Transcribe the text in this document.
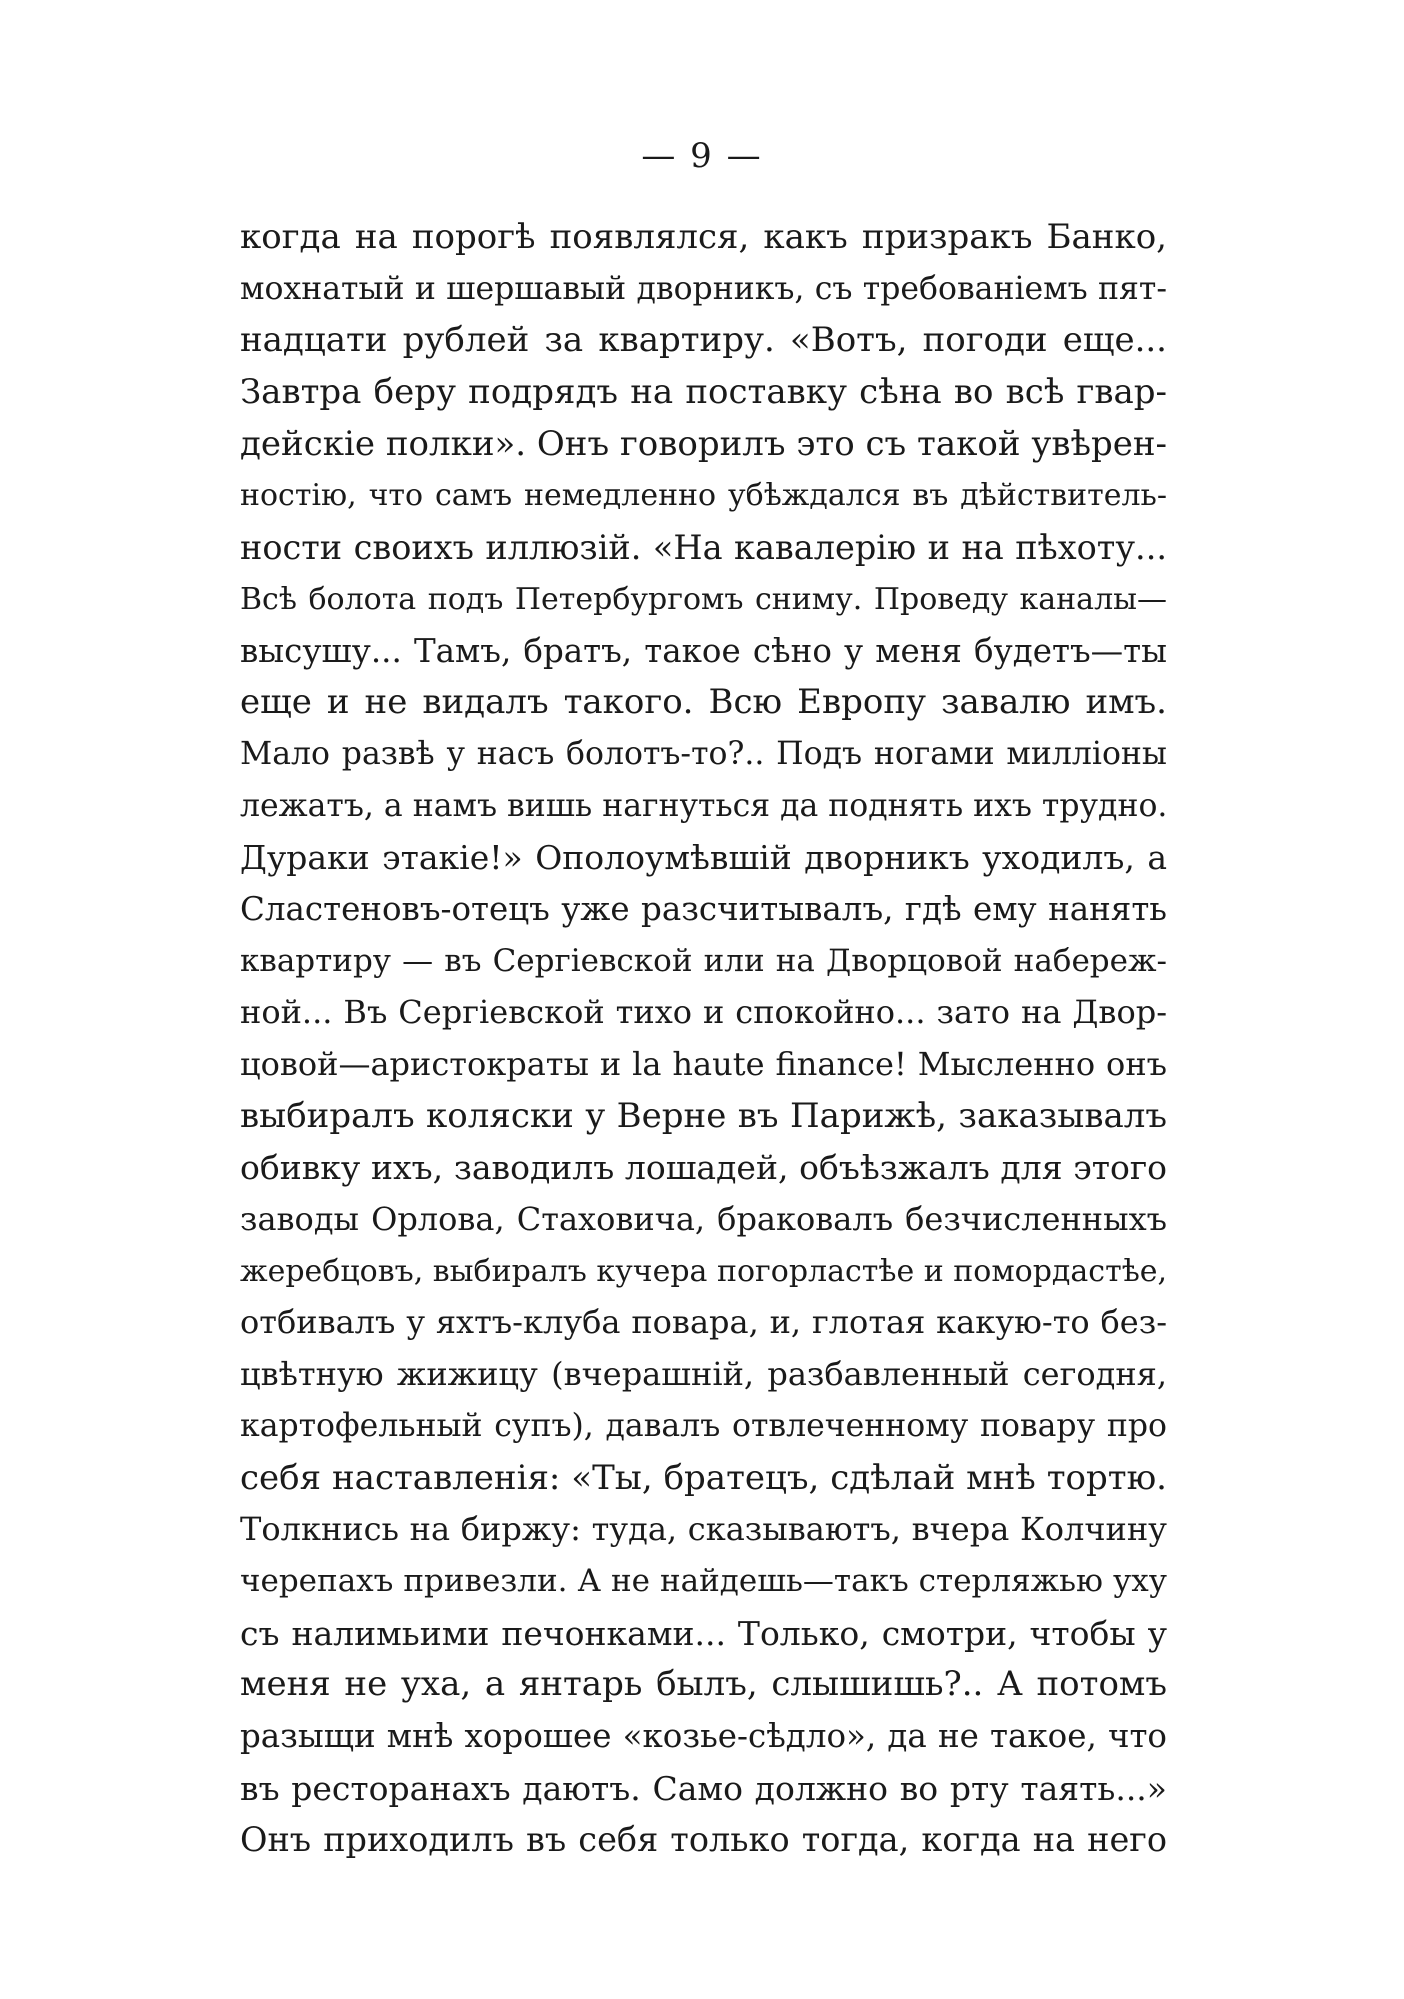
— 9 —
когда на порогѣ появлялся, какъ призракъ Банко,
мохнатый и шершавый дворникъ, съ требованіемъ пят-
надцати рублей за квартиру. «Вотъ, погоди еще...
Завтра беру подрядъ на поставку сѣна во всѣ гвар-
дейскіе полки». Онъ говорилъ это съ такой увѣрен-
ностію, что самъ немедленно убѣждался въ дѣйствитель-
ности своихъ иллюзій. «На кавалерію и на пѣхоту...
Всѣ болота подъ Петербургомъ сниму. Проведу каналы—
высушу... Тамъ, братъ, такое сѣно у меня будетъ—ты
еще и не видалъ такого. Всю Европу завалю имъ.
Мало развѣ у насъ болотъ-то?.. Подъ ногами милліоны
лежатъ, а намъ вишь нагнуться да поднять ихъ трудно.
Дураки этакіе!» Ополоумѣвшій дворникъ уходилъ, а
Сластеновъ-отецъ уже разсчитывалъ, гдѣ ему нанять
квартиру — въ Сергіевской или на Дворцовой набереж-
ной... Въ Сергіевской тихо и спокойно... зато на Двор-
цовой—аристократы и la haute finance! Мысленно онъ
выбиралъ коляски у Верне въ Парижѣ, заказывалъ
обивку ихъ, заводилъ лошадей, объѣзжалъ для этого
заводы Орлова, Стаховича, браковалъ безчисленныхъ
жеребцовъ, выбиралъ кучера погорластѣе и помордастѣе,
отбивалъ у яхтъ-клуба повара, и, глотая какую-то без-
цвѣтную жижицу (вчерашній, разбавленный сегодня,
картофельный супъ), давалъ отвлеченному повару про
себя наставленія: «Ты, братецъ, сдѣлай мнѣ тортю.
Толкнись на биржу: туда, сказываютъ, вчера Колчину
черепахъ привезли. А не найдешь—такъ стерляжью уху
съ налимьими печонками... Только, смотри, чтобы у
меня не уха, а янтарь былъ, слышишь?.. А потомъ
разыщи мнѣ хорошее «козье-сѣдло», да не такое, что
въ ресторанахъ даютъ. Само должно во рту таять...»
Онъ приходилъ въ себя только тогда, когда на него
